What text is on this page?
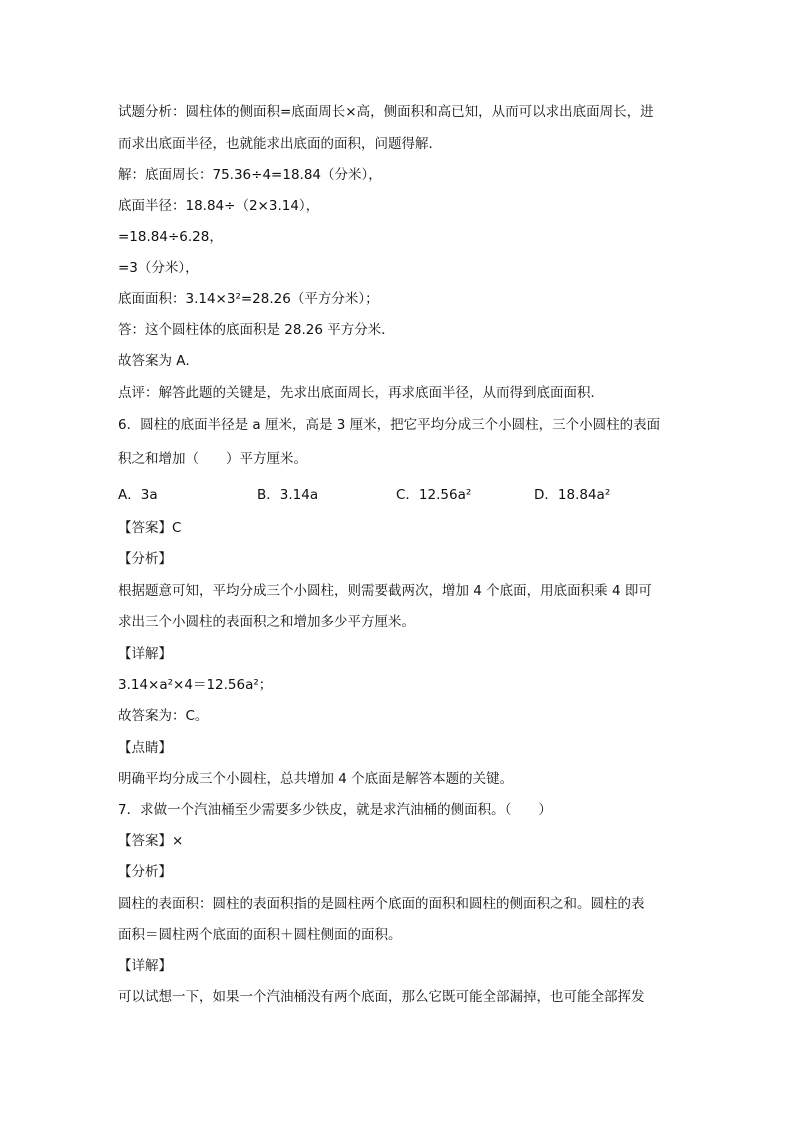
试题分析：圆柱体的侧面积=底面周长×高，侧面积和高已知，从而可以求出底面周长，进
而求出底面半径，也就能求出底面的面积，问题得解．
解：底面周长：75.36÷4=18.84（分米），
底面半径：18.84÷（2×3.14），
=18.84÷6.28，
=3（分米），
底面面积：3.14×3²=28.26（平方分米）；
答：这个圆柱体的底面积是 28.26 平方分米．
故答案为 A．
点评：解答此题的关键是，先求出底面周长，再求底面半径，从而得到底面面积．
6．圆柱的底面半径是 a 厘米，高是 3 厘米，把它平均分成三个小圆柱，三个小圆柱的表面
积之和增加（　　）平方厘米。
A．3a	B．3.14a	C．12.56a²	D．18.84a²
【答案】C
【分析】
根据题意可知，平均分成三个小圆柱，则需要截两次，增加 4 个底面，用底面积乘 4 即可
求出三个小圆柱的表面积之和增加多少平方厘米。
【详解】
3.14×a²×4＝12.56a²；
故答案为：C。
【点睛】
明确平均分成三个小圆柱，总共增加 4 个底面是解答本题的关键。
7．求做一个汽油桶至少需要多少铁皮，就是求汽油桶的侧面积。（　　）
【答案】×
【分析】
圆柱的表面积：圆柱的表面积指的是圆柱两个底面的面积和圆柱的侧面积之和。圆柱的表
面积＝圆柱两个底面的面积＋圆柱侧面的面积。
【详解】
可以试想一下，如果一个汽油桶没有两个底面，那么它既可能全部漏掉，也可能全部挥发
